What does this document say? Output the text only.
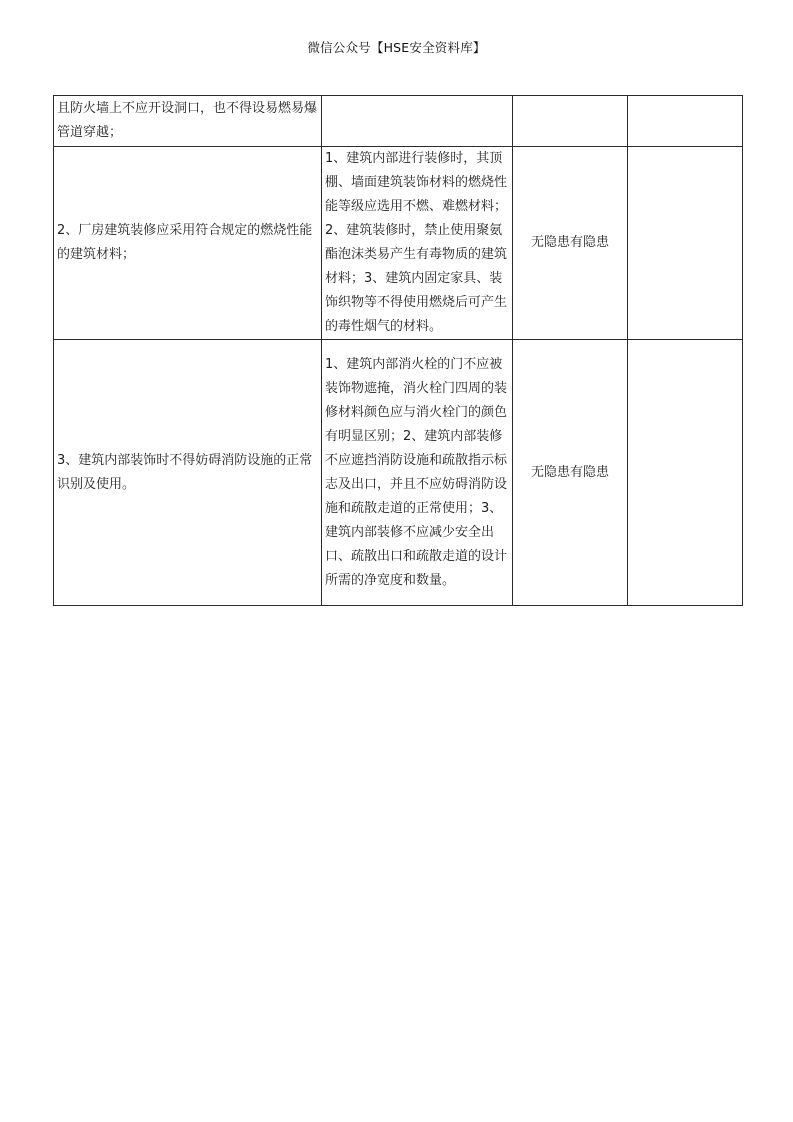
微信公众号【HSE安全资料库】
且防火墙上不应开设洞口，也不得设易燃易爆管道穿越；			
2、厂房建筑装修应采用符合规定的燃烧性能的建筑材料；	1、建筑内部进行装修时，其顶棚、墙面建筑装饰材料的燃烧性能等级应选用不燃、难燃材料；2、建筑装修时，禁止使用聚氨酯泡沫类易产生有毒物质的建筑材料；3、建筑内固定家具、装饰织物等不得使用燃烧后可产生的毒性烟气的材料。	无隐患有隐患	
3、建筑内部装饰时不得妨碍消防设施的正常识别及使用。	1、建筑内部消火栓的门不应被装饰物遮掩，消火栓门四周的装修材料颜色应与消火栓门的颜色有明显区别；2、建筑内部装修不应遮挡消防设施和疏散指示标志及出口，并且不应妨碍消防设施和疏散走道的正常使用；3、建筑内部装修不应减少安全出口、疏散出口和疏散走道的设计所需的净宽度和数量。	无隐患有隐患	
